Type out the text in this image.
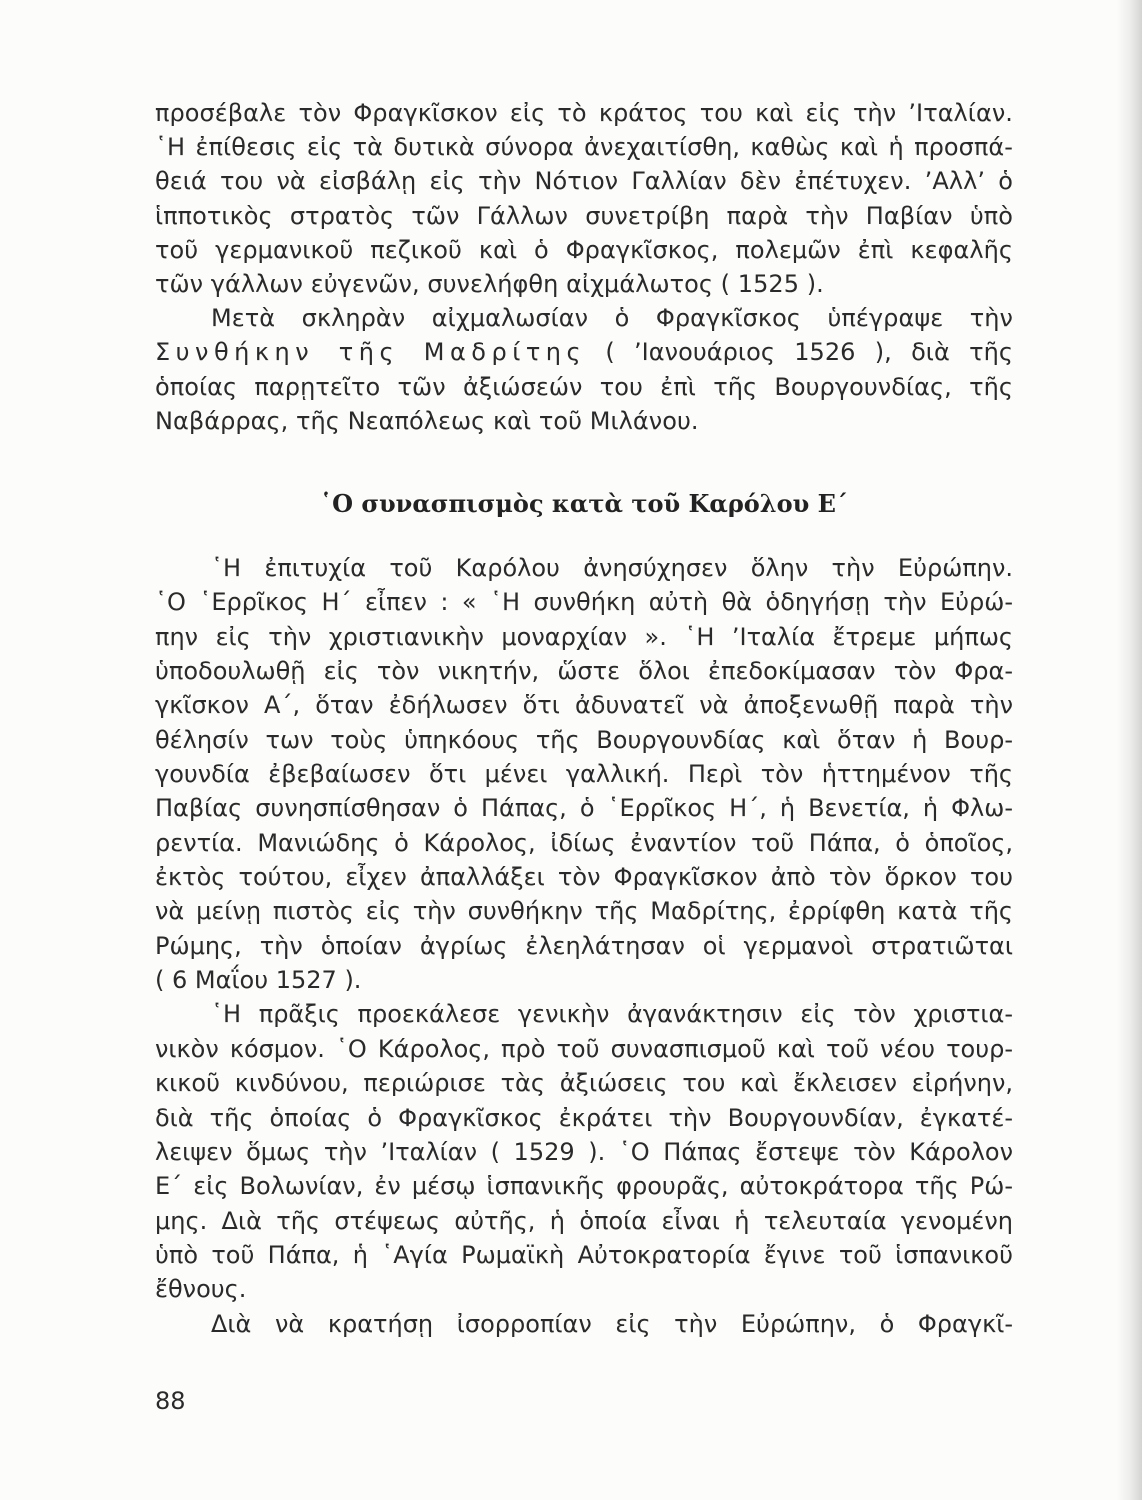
προσέβαλε τὸν Φραγκῖσκον εἰς τὸ κράτος του καὶ εἰς τὴν ’Ιταλίαν.
῾Η ἐπίθεσις εἰς τὰ δυτικὰ σύνορα ἀνεχαιτίσθη, καθὼς καὶ ἡ προσπά-
θειά του νὰ εἰσβάλῃ εἰς τὴν Νότιον Γαλλίαν δὲν ἐπέτυχεν. ’Αλλ’ ὁ
ἱππoτικὸς στρατὸς τῶν Γάλλων συνετρίβη παρὰ τὴν Παβίαν ὑπὸ
τοῦ γερμανικοῦ πεζικοῦ καὶ ὁ Φραγκῖσκος, πολεμῶν ἐπὶ κεφαλῆς
τῶν γάλλων εὐγενῶν, συνελήφθη αἰχμάλωτος ( 1525 ).
Μετὰ σκληρὰν αἰχμαλωσίαν ὁ Φραγκῖσκος ὑπέγραψε τὴν
Συνθήκην τῆς Μαδρίτης ( ’Ιανουάριος 1526 ), διὰ τῆς
ὁποίας παρῃτεῖτο τῶν ἀξιώσεών του ἐπὶ τῆς Βουργουνδίας, τῆς
Ναβάρρας, τῆς Νεαπόλεως καὶ τοῦ Μιλάνου.
῾Ο συνασπισμὸς κατὰ τοῦ Καρόλου Ε΄
῾Η ἐπιτυχία τοῦ Καρόλου ἀνησύχησεν ὅλην τὴν Εὐρώπην.
῾Ο ῾Ερρῖκος Η΄ εἶπεν : « ῾Η συνθήκη αὐτὴ θὰ ὁδηγήσῃ τὴν Εὐρώ-
πην εἰς τὴν χριστιανικὴν μοναρχίαν ». ῾Η ’Ιταλία ἔτρεμε μήπως
ὑποδουλωθῇ εἰς τὸν νικητήν, ὥστε ὅλοι ἐπεδοκίμασαν τὸν Φρα-
γκῖσκον Α΄, ὅταν ἐδήλωσεν ὅτι ἀδυνατεῖ νὰ ἀποξενωθῇ παρὰ τὴν
θέλησίν των τοὺς ὑπηκόους τῆς Βουργουνδίας καὶ ὅταν ἡ Βουρ-
γουνδία ἐβεβαίωσεν ὅτι μένει γαλλική. Περὶ τὸν ἡττημένον τῆς
Παβίας συνησπίσθησαν ὁ Πάπας, ὁ ῾Ερρῖκος Η΄, ἡ Βενετία, ἡ Φλω-
ρεντία. Μανιώδης ὁ Κάρολος, ἰδίως ἐναντίον τοῦ Πάπα, ὁ ὁποῖος,
ἐκτὸς τούτου, εἶχεν ἀπαλλάξει τὸν Φραγκῖσκον ἀπὸ τὸν ὅρκον του
νὰ μείνῃ πιστὸς εἰς τὴν συνθήκην τῆς Μαδρίτης, ἐρρίφθη κατὰ τῆς
Ρώμης, τὴν ὁποίαν ἀγρίως ἐλεηλάτησαν οἱ γερμανοὶ στρατιῶται
( 6 Μαΐου 1527 ).
῾Η πρᾶξις προεκάλεσε γενικὴν ἀγανάκτησιν εἰς τὸν χριστια-
νικὸν κόσμον. ῾Ο Κάρολος, πρὸ τοῦ συνασπισμοῦ καὶ τοῦ νέου τουρ-
κικοῦ κινδύνου, περιώρισε τὰς ἀξιώσεις του καὶ ἔκλεισεν εἰρήνην,
διὰ τῆς ὁποίας ὁ Φραγκῖσκος ἐκράτει τὴν Βουργουνδίαν, ἐγκατέ-
λειψεν ὅμως τὴν ’Ιταλίαν ( 1529 ). ῾Ο Πάπας ἔστεψε τὸν Κάρολον
Ε΄ εἰς Βολωνίαν, ἐν μέσῳ ἱσπανικῆς φρουρᾶς, αὐτοκράτορα τῆς Ρώ-
μης. Διὰ τῆς στέψεως αὐτῆς, ἡ ὁποία εἶναι ἡ τελευταία γενομένη
ὑπὸ τοῦ Πάπα, ἡ ῾Αγία Ρωμαϊκὴ Αὐτοκρατορία ἔγινε τοῦ ἱσπανικοῦ
ἔθνους.
Διὰ νὰ κρατήσῃ ἰσορροπίαν εἰς τὴν Εὐρώπην, ὁ Φραγκῖ-
88
